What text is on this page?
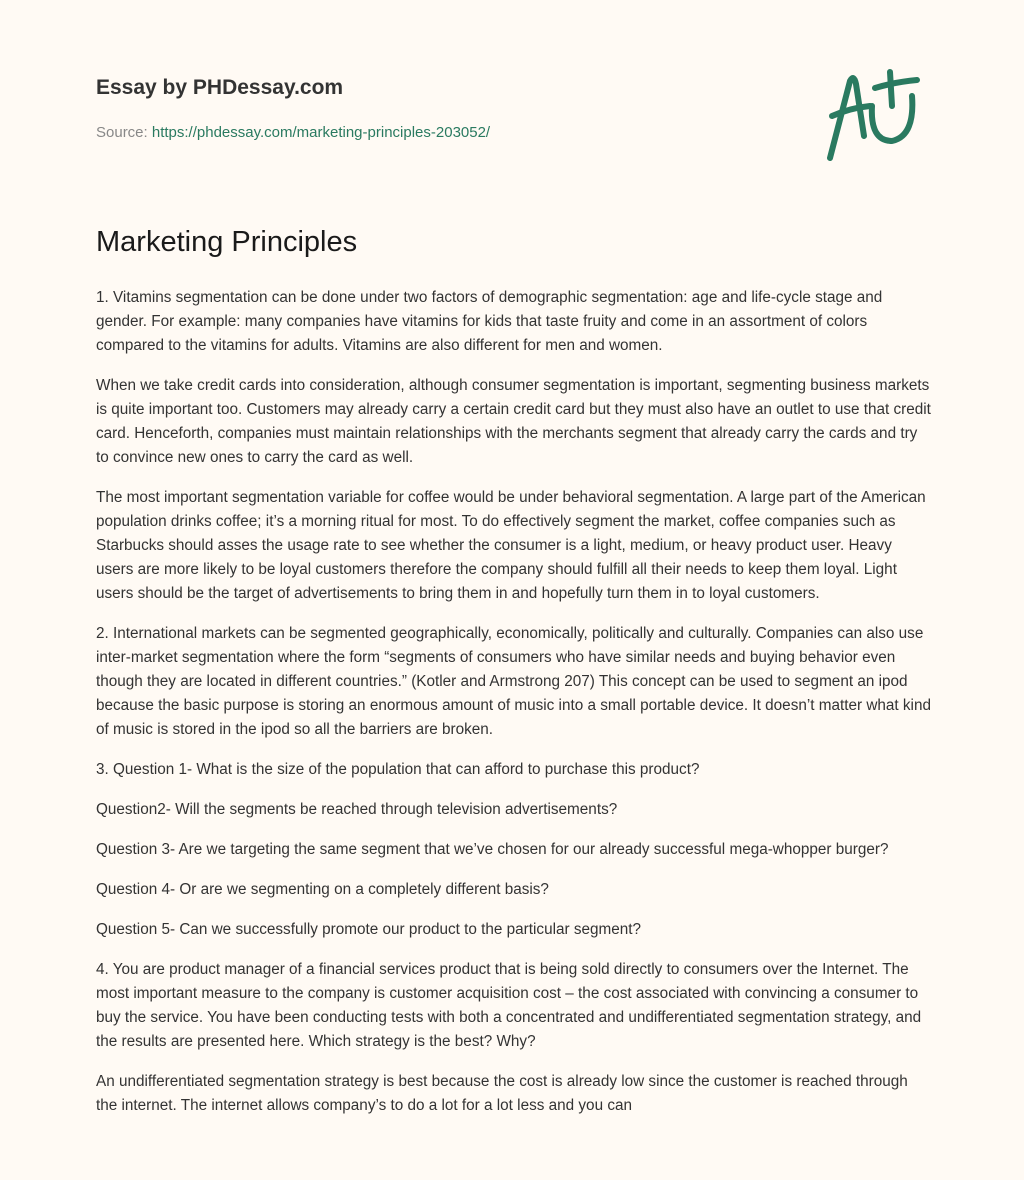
Essay by PHDessay.com
Source: https://phdessay.com/marketing-principles-203052/
Marketing Principles

1. Vitamins segmentation can be done under two factors of demographic segmentation: age and life-cycle stage and gender. For example: many companies have vitamins for kids that taste fruity and come in an assortment of colors compared to the vitamins for adults. Vitamins are also different for men and women.

When we take credit cards into consideration, although consumer segmentation is important, segmenting business markets is quite important too. Customers may already carry a certain credit card but they must also have an outlet to use that credit card. Henceforth, companies must maintain relationships with the merchants segment that already carry the cards and try to convince new ones to carry the card as well.

The most important segmentation variable for coffee would be under behavioral segmentation. A large part of the American population drinks coffee; it’s a morning ritual for most. To do effectively segment the market, coffee companies such as Starbucks should asses the usage rate to see whether the consumer is a light, medium, or heavy product user. Heavy users are more likely to be loyal customers therefore the company should fulfill all their needs to keep them loyal. Light users should be the target of advertisements to bring them in and hopefully turn them in to loyal customers.

2. International markets can be segmented geographically, economically, politically and culturally. Companies can also use inter-market segmentation where the form “segments of consumers who have similar needs and buying behavior even though they are located in different countries.” (Kotler and Armstrong 207) This concept can be used to segment an ipod because the basic purpose is storing an enormous amount of music into a small portable device. It doesn’t matter what kind of music is stored in the ipod so all the barriers are broken.

3. Question 1- What is the size of the population that can afford to purchase this product?

Question2- Will the segments be reached through television advertisements?

Question 3- Are we targeting the same segment that we’ve chosen for our already successful mega-whopper burger?

Question 4- Or are we segmenting on a completely different basis?

Question 5- Can we successfully promote our product to the particular segment?

4. You are product manager of a financial services product that is being sold directly to consumers over the Internet. The most important measure to the company is customer acquisition cost – the cost associated with convincing a consumer to buy the service. You have been conducting tests with both a concentrated and undifferentiated segmentation strategy, and the results are presented here. Which strategy is the best? Why?

An undifferentiated segmentation strategy is best because the cost is already low since the customer is reached through the internet. The internet allows company’s to do a lot for a lot less and you can
